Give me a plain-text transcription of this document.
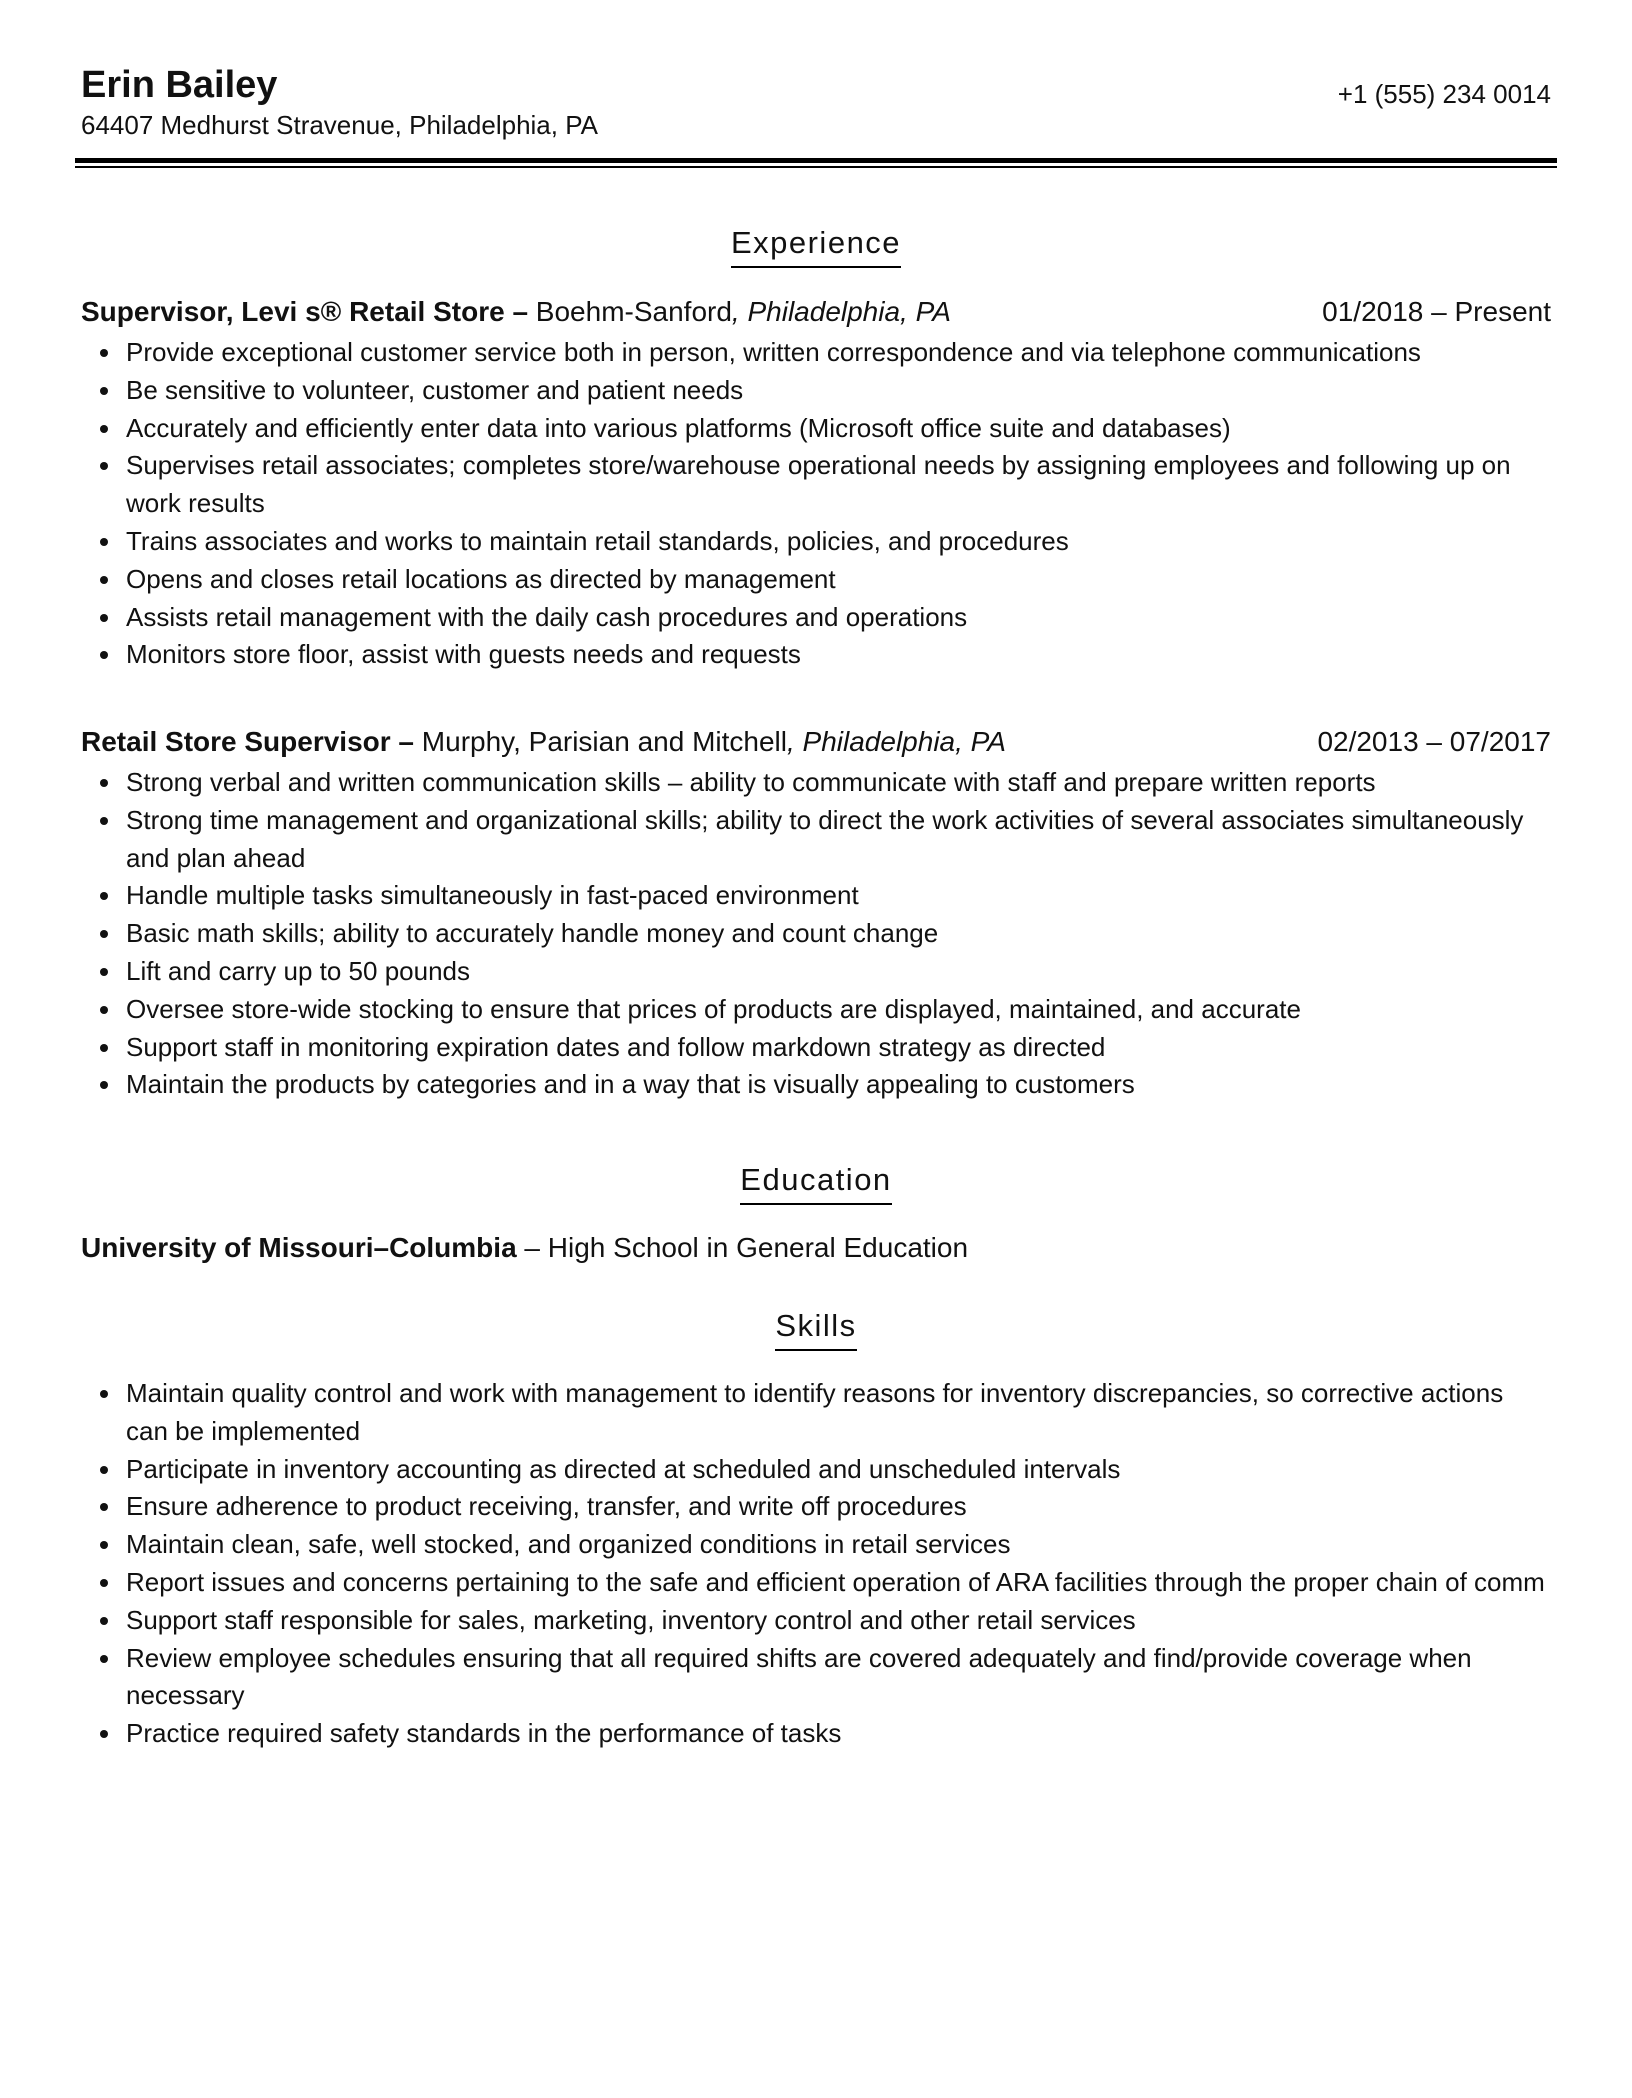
Erin Bailey
64407 Medhurst Stravenue, Philadelphia, PA
+1 (555) 234 0014
Experience
Supervisor, Levi s® Retail Store – Boehm-Sanford, Philadelphia, PA	01/2018 – Present
Provide exceptional customer service both in person, written correspondence and via telephone communications
Be sensitive to volunteer, customer and patient needs
Accurately and efficiently enter data into various platforms (Microsoft office suite and databases)
Supervises retail associates; completes store/warehouse operational needs by assigning employees and following up on work results
Trains associates and works to maintain retail standards, policies, and procedures
Opens and closes retail locations as directed by management
Assists retail management with the daily cash procedures and operations
Monitors store floor, assist with guests needs and requests
Retail Store Supervisor – Murphy, Parisian and Mitchell, Philadelphia, PA	02/2013 – 07/2017
Strong verbal and written communication skills – ability to communicate with staff and prepare written reports
Strong time management and organizational skills; ability to direct the work activities of several associates simultaneously and plan ahead
Handle multiple tasks simultaneously in fast-paced environment
Basic math skills; ability to accurately handle money and count change
Lift and carry up to 50 pounds
Oversee store-wide stocking to ensure that prices of products are displayed, maintained, and accurate
Support staff in monitoring expiration dates and follow markdown strategy as directed
Maintain the products by categories and in a way that is visually appealing to customers
Education
University of Missouri–Columbia – High School in General Education
Skills
Maintain quality control and work with management to identify reasons for inventory discrepancies, so corrective actions can be implemented
Participate in inventory accounting as directed at scheduled and unscheduled intervals
Ensure adherence to product receiving, transfer, and write off procedures
Maintain clean, safe, well stocked, and organized conditions in retail services
Report issues and concerns pertaining to the safe and efficient operation of ARA facilities through the proper chain of comm
Support staff responsible for sales, marketing, inventory control and other retail services
Review employee schedules ensuring that all required shifts are covered adequately and find/provide coverage when necessary
Practice required safety standards in the performance of tasks
